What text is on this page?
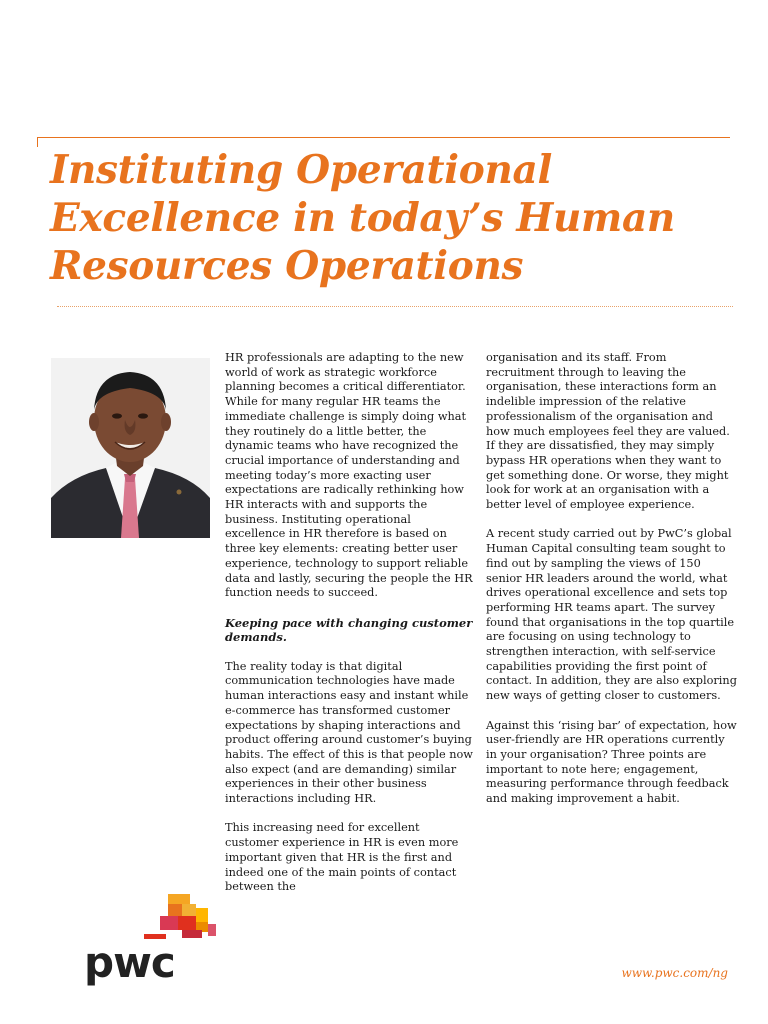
Instituting Operational Excellence in today’s Human Resources Operations

HR professionals are adapting to the new world of work as strategic workforce planning becomes a critical differentiator. While for many regular HR teams the immediate challenge is simply doing what they routinely do a little better, the dynamic teams who have recognized the crucial importance of understanding and meeting today’s more exacting user expectations are radically rethinking how HR interacts with and supports the business. Instituting operational excellence in HR therefore is based on three key elements: creating better user experience, technology to support reliable data and lastly, securing the people the HR function needs to succeed.

Keeping pace with changing customer demands.

The reality today is that digital communication technologies have made human interactions easy and instant while e-commerce has transformed customer expectations by shaping interactions and product offering around customer’s buying habits. The effect of this is that people now also expect (and are demanding) similar experiences in their other business interactions including HR.

This increasing need for excellent customer experience in HR is even more important given that HR is the first and indeed one of the main points of contact between the

organisation and its staff. From recruitment through to leaving the organisation, these interactions form an indelible impression of the relative professionalism of the organisation and how much employees feel they are valued. If they are dissatisfied, they may simply bypass HR operations when they want to get something done. Or worse, they might look for work at an organisation with a better level of employee experience.

A recent study carried out by PwC’s global Human Capital consulting team sought to find out by sampling the views of 150 senior HR leaders around the world, what drives operational excellence and sets top performing HR teams apart. The survey found that organisations in the top quartile are focusing on using technology to strengthen interaction, with self-service capabilities providing the first point of contact. In addition, they are also exploring new ways of getting closer to customers.

Against this ‘rising bar’ of expectation, how user-friendly are HR operations currently in your organisation? Three points are important to note here; engagement, measuring performance through feedback and making improvement a habit.

pwc	www.pwc.com/ng
